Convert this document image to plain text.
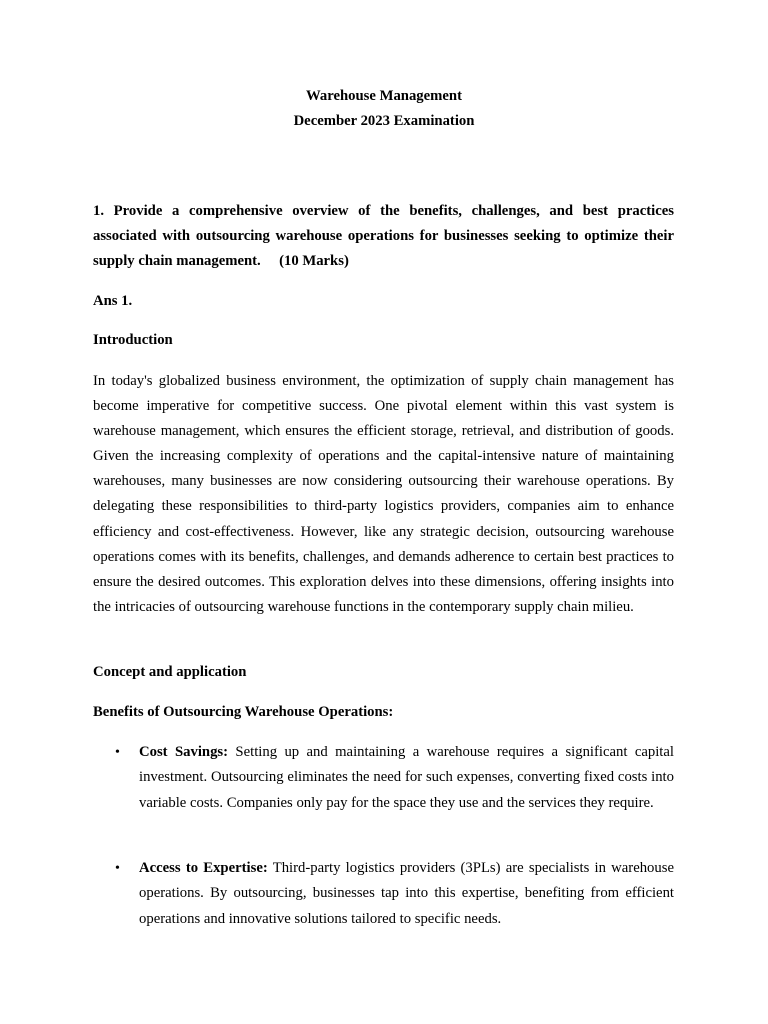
Warehouse Management
December 2023 Examination
1. Provide a comprehensive overview of the benefits, challenges, and best practices associated with outsourcing warehouse operations for businesses seeking to optimize their supply chain management. (10 Marks)
Ans 1.
Introduction
In today's globalized business environment, the optimization of supply chain management has become imperative for competitive success. One pivotal element within this vast system is warehouse management, which ensures the efficient storage, retrieval, and distribution of goods. Given the increasing complexity of operations and the capital-intensive nature of maintaining warehouses, many businesses are now considering outsourcing their warehouse operations. By delegating these responsibilities to third-party logistics providers, companies aim to enhance efficiency and cost-effectiveness. However, like any strategic decision, outsourcing warehouse operations comes with its benefits, challenges, and demands adherence to certain best practices to ensure the desired outcomes. This exploration delves into these dimensions, offering insights into the intricacies of outsourcing warehouse functions in the contemporary supply chain milieu.
Concept and application
Benefits of Outsourcing Warehouse Operations:
•	Cost Savings: Setting up and maintaining a warehouse requires a significant capital investment. Outsourcing eliminates the need for such expenses, converting fixed costs into variable costs. Companies only pay for the space they use and the services they require.
•	Access to Expertise: Third-party logistics providers (3PLs) are specialists in warehouse operations. By outsourcing, businesses tap into this expertise, benefiting from efficient operations and innovative solutions tailored to specific needs.
